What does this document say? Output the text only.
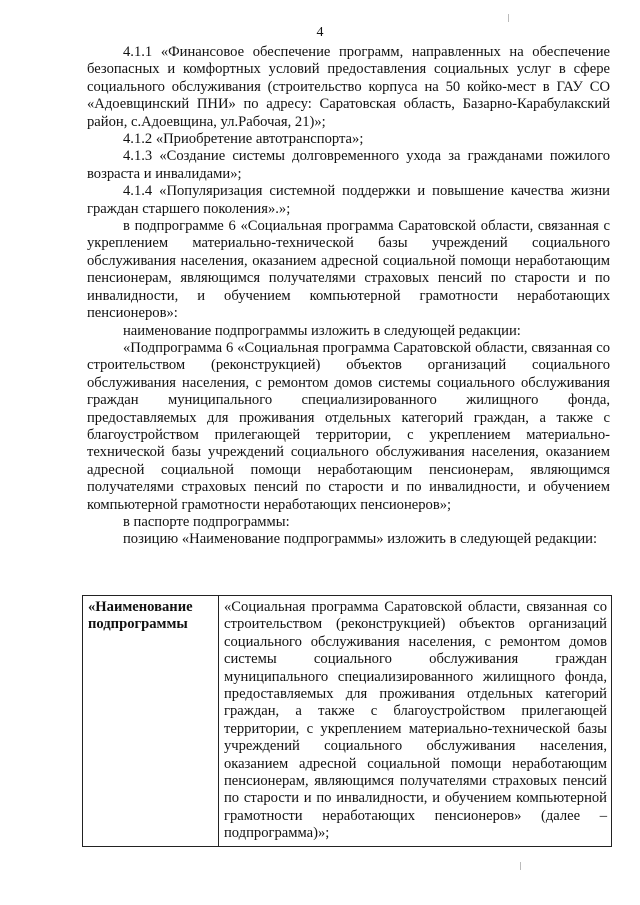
4

4.1.1 «Финансовое обеспечение программ, направленных на обеспечение безопасных и комфортных условий предоставления социальных услуг в сфере социального обслуживания (строительство корпуса на 50 койко-мест в ГАУ СО «Адоевщинский ПНИ» по адресу: Саратовская область, Базарно-Карабулакский район, с.Адоевщина, ул.Рабочая, 21)»;

4.1.2 «Приобретение автотранспорта»;

4.1.3 «Создание системы долговременного ухода за гражданами пожилого возраста и инвалидами»;

4.1.4 «Популяризация системной поддержки и повышение качества жизни граждан старшего поколения».»;

в подпрограмме 6 «Социальная программа Саратовской области, связанная с укреплением материально-технической базы учреждений социального обслуживания населения, оказанием адресной социальной помощи неработающим пенсионерам, являющимся получателями страховых пенсий по старости и по инвалидности, и обучением компьютерной грамотности неработающих пенсионеров»:

наименование подпрограммы изложить в следующей редакции:

«Подпрограмма 6 «Социальная программа Саратовской области, связанная со строительством (реконструкцией) объектов организаций социального обслуживания населения, с ремонтом домов системы социального обслуживания граждан муниципального специализированного жилищного фонда, предоставляемых для проживания отдельных категорий граждан, а также с благоустройством прилегающей территории, с укреплением материально-технической базы учреждений социального обслуживания населения, оказанием адресной социальной помощи неработающим пенсионерам, являющимся получателями страховых пенсий по старости и по инвалидности, и обучением компьютерной грамотности неработающих пенсионеров»;

в паспорте подпрограммы:

позицию «Наименование подпрограммы» изложить в следующей редакции:

«Наименование подпрограммы	«Социальная программа Саратовской области, связанная со строительством (реконструкцией) объектов организаций социального обслуживания населения, с ремонтом домов системы социального обслуживания граждан муниципального специализированного жилищного фонда, предоставляемых для проживания отдельных категорий граждан, а также с благоустройством прилегающей территории, с укреплением материально-технической базы учреждений социального обслуживания населения, оказанием адресной социальной помощи неработающим пенсионерам, являющимся получателями страховых пенсий по старости и по инвалидности, и обучением компьютерной грамотности неработающих пенсионеров» (далее – подпрограмма)»;
